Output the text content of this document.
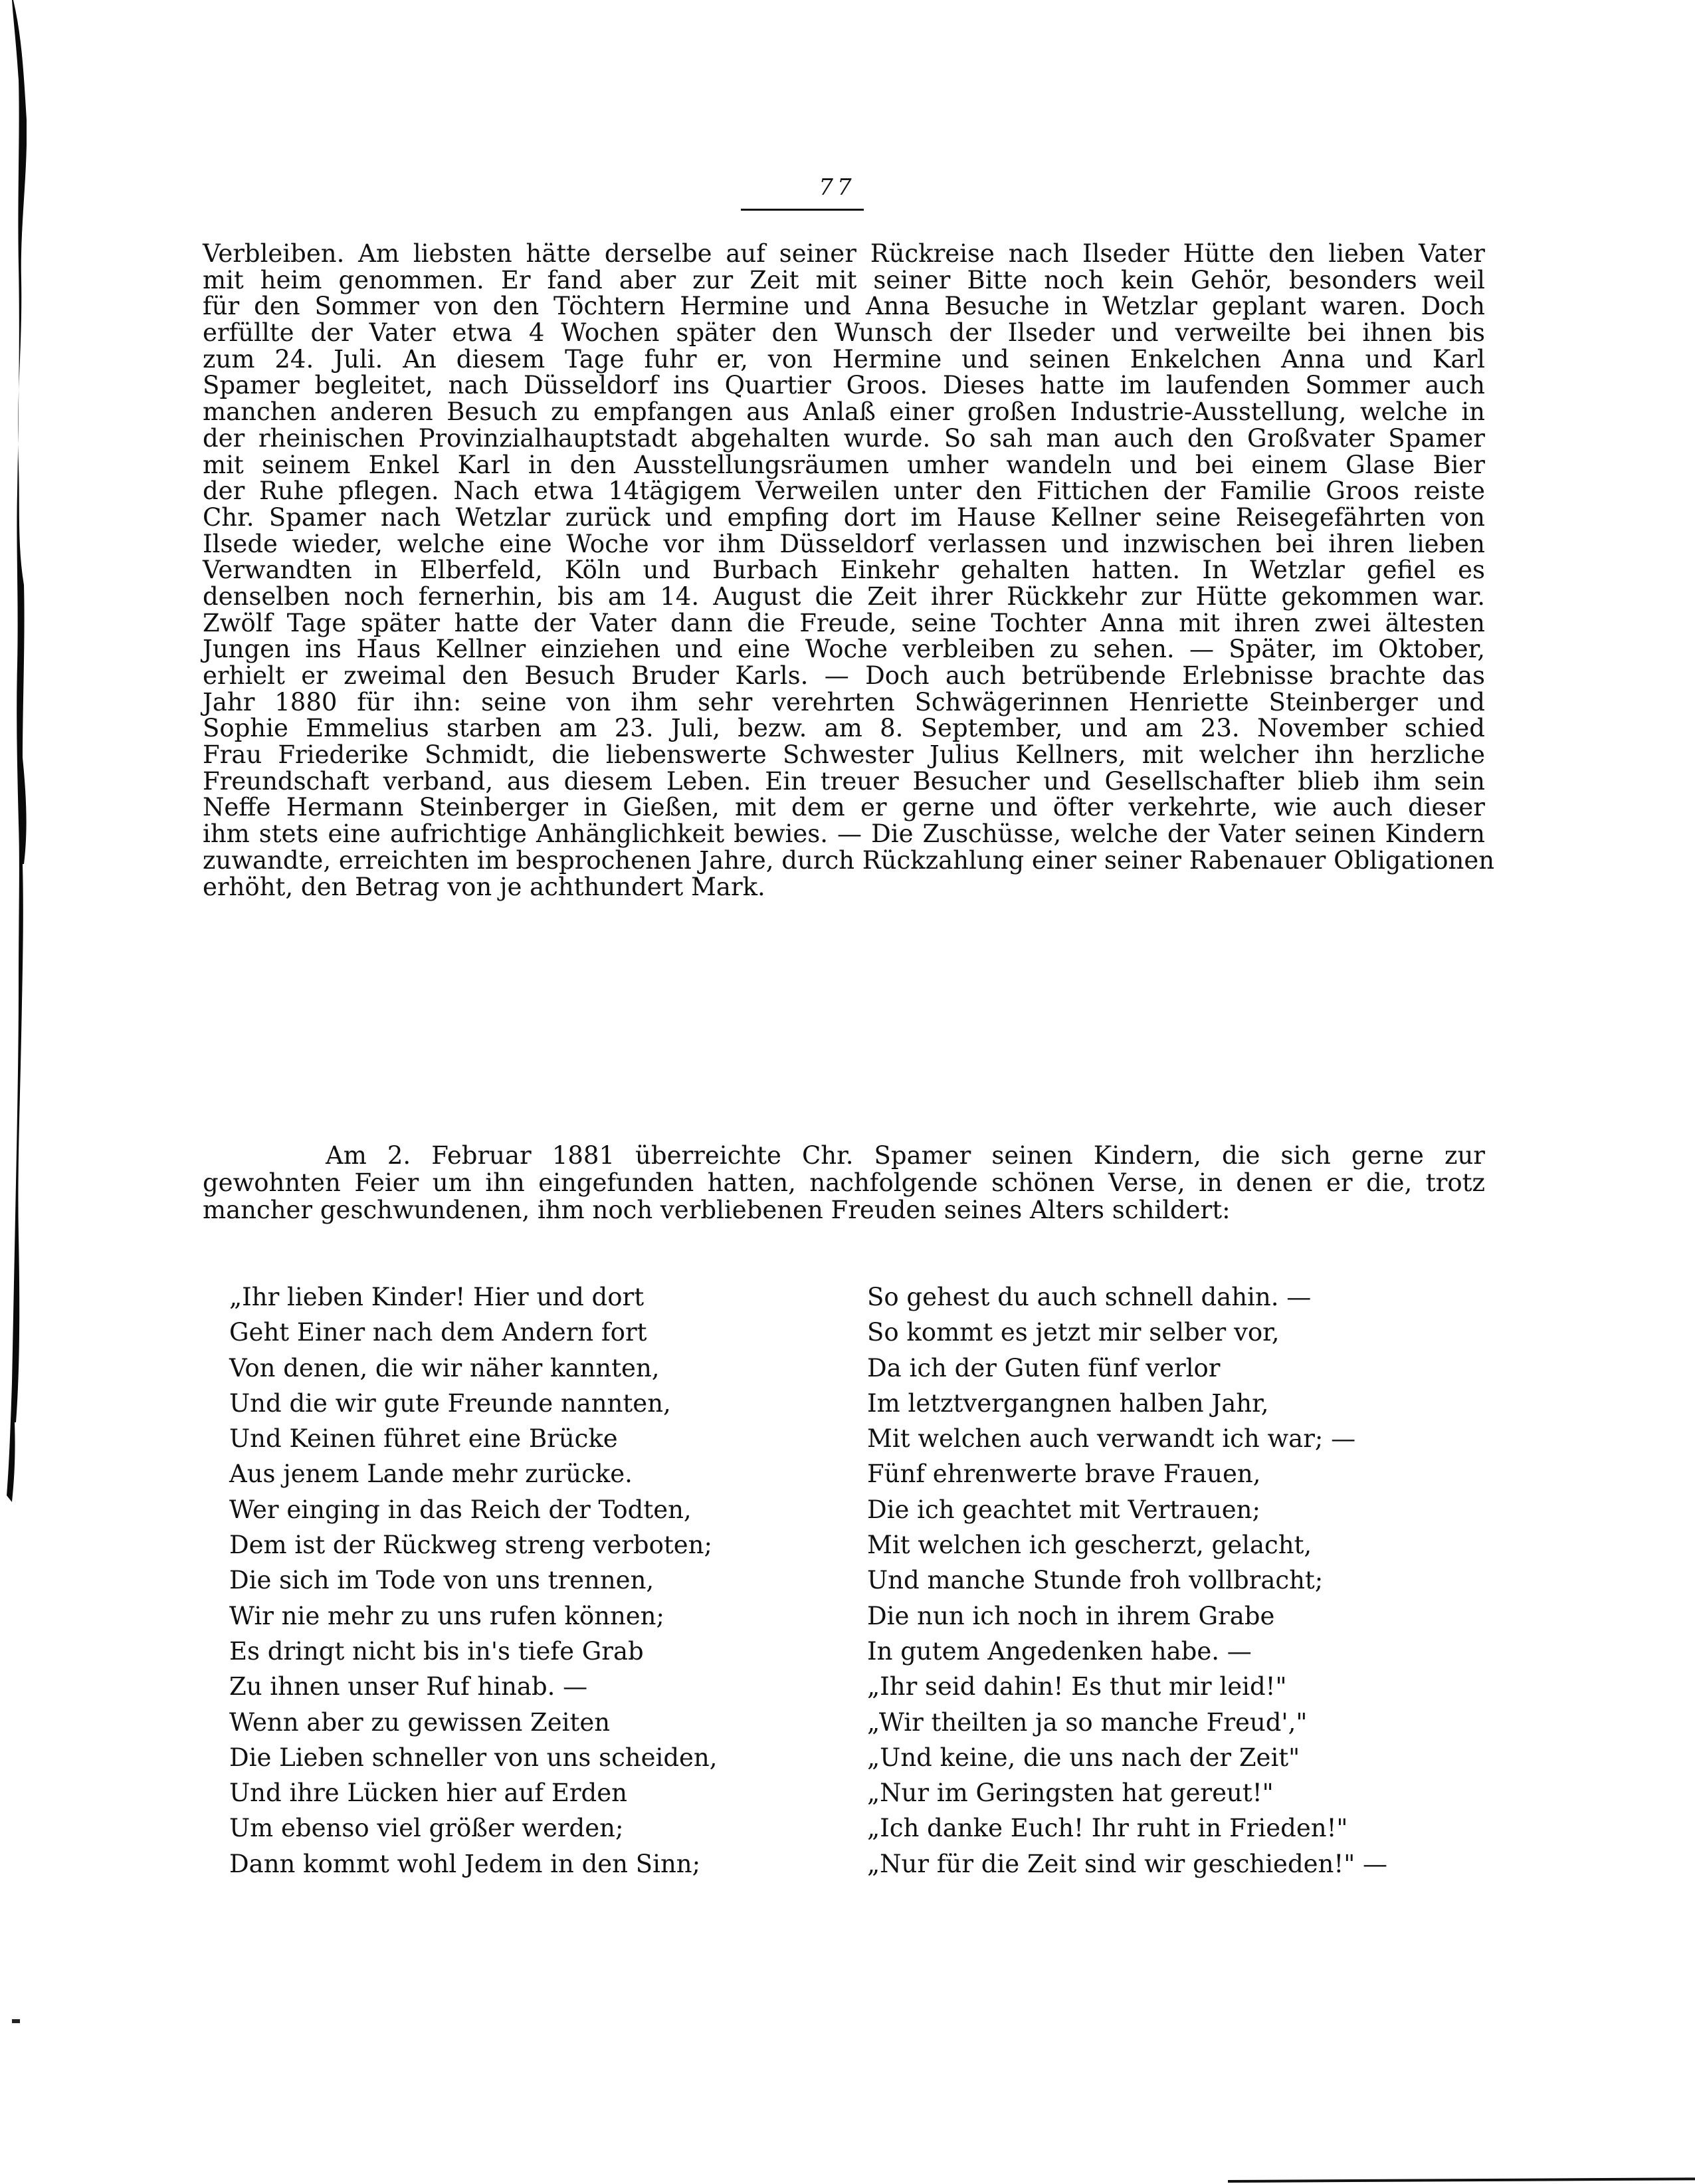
77
Verbleiben. Am liebsten hätte derselbe auf seiner Rückreise nach Ilseder Hütte den lieben Vater
mit heim genommen. Er fand aber zur Zeit mit seiner Bitte noch kein Gehör, besonders weil
für den Sommer von den Töchtern Hermine und Anna Besuche in Wetzlar geplant waren. Doch
erfüllte der Vater etwa 4 Wochen später den Wunsch der Ilseder und verweilte bei ihnen bis
zum 24. Juli. An diesem Tage fuhr er, von Hermine und seinen Enkelchen Anna und Karl
Spamer begleitet, nach Düsseldorf ins Quartier Groos. Dieses hatte im laufenden Sommer auch
manchen anderen Besuch zu empfangen aus Anlaß einer großen Industrie-Ausstellung, welche in
der rheinischen Provinzialhauptstadt abgehalten wurde. So sah man auch den Großvater Spamer
mit seinem Enkel Karl in den Ausstellungsräumen umher wandeln und bei einem Glase Bier
der Ruhe pflegen. Nach etwa 14tägigem Verweilen unter den Fittichen der Familie Groos reiste
Chr. Spamer nach Wetzlar zurück und empfing dort im Hause Kellner seine Reisegefährten von
Ilsede wieder, welche eine Woche vor ihm Düsseldorf verlassen und inzwischen bei ihren lieben
Verwandten in Elberfeld, Köln und Burbach Einkehr gehalten hatten. In Wetzlar gefiel es
denselben noch fernerhin, bis am 14. August die Zeit ihrer Rückkehr zur Hütte gekommen war.
Zwölf Tage später hatte der Vater dann die Freude, seine Tochter Anna mit ihren zwei ältesten
Jungen ins Haus Kellner einziehen und eine Woche verbleiben zu sehen. — Später, im Oktober,
erhielt er zweimal den Besuch Bruder Karls. — Doch auch betrübende Erlebnisse brachte das
Jahr 1880 für ihn: seine von ihm sehr verehrten Schwägerinnen Henriette Steinberger und
Sophie Emmelius starben am 23. Juli, bezw. am 8. September, und am 23. November schied
Frau Friederike Schmidt, die liebenswerte Schwester Julius Kellners, mit welcher ihn herzliche
Freundschaft verband, aus diesem Leben. Ein treuer Besucher und Gesellschafter blieb ihm sein
Neffe Hermann Steinberger in Gießen, mit dem er gerne und öfter verkehrte, wie auch dieser
ihm stets eine aufrichtige Anhänglichkeit bewies. — Die Zuschüsse, welche der Vater seinen Kindern
zuwandte, erreichten im besprochenen Jahre, durch Rückzahlung einer seiner Rabenauer Obligationen
erhöht, den Betrag von je achthundert Mark.
Am 2. Februar 1881 überreichte Chr. Spamer seinen Kindern, die sich gerne zur
gewohnten Feier um ihn eingefunden hatten, nachfolgende schönen Verse, in denen er die, trotz
mancher geschwundenen, ihm noch verbliebenen Freuden seines Alters schildert:
„Ihr lieben Kinder! Hier und dort
Geht Einer nach dem Andern fort
Von denen, die wir näher kannten,
Und die wir gute Freunde nannten,
Und Keinen führet eine Brücke
Aus jenem Lande mehr zurücke.
Wer einging in das Reich der Todten,
Dem ist der Rückweg streng verboten;
Die sich im Tode von uns trennen,
Wir nie mehr zu uns rufen können;
Es dringt nicht bis in's tiefe Grab
Zu ihnen unser Ruf hinab. —
Wenn aber zu gewissen Zeiten
Die Lieben schneller von uns scheiden,
Und ihre Lücken hier auf Erden
Um ebenso viel größer werden;
Dann kommt wohl Jedem in den Sinn;
So gehest du auch schnell dahin. —
So kommt es jetzt mir selber vor,
Da ich der Guten fünf verlor
Im letztvergangnen halben Jahr,
Mit welchen auch verwandt ich war; —
Fünf ehrenwerte brave Frauen,
Die ich geachtet mit Vertrauen;
Mit welchen ich gescherzt, gelacht,
Und manche Stunde froh vollbracht;
Die nun ich noch in ihrem Grabe
In gutem Angedenken habe. —
„Ihr seid dahin! Es thut mir leid!"
„Wir theilten ja so manche Freud',"
„Und keine, die uns nach der Zeit"
„Nur im Geringsten hat gereut!"
„Ich danke Euch! Ihr ruht in Frieden!"
„Nur für die Zeit sind wir geschieden!" —
